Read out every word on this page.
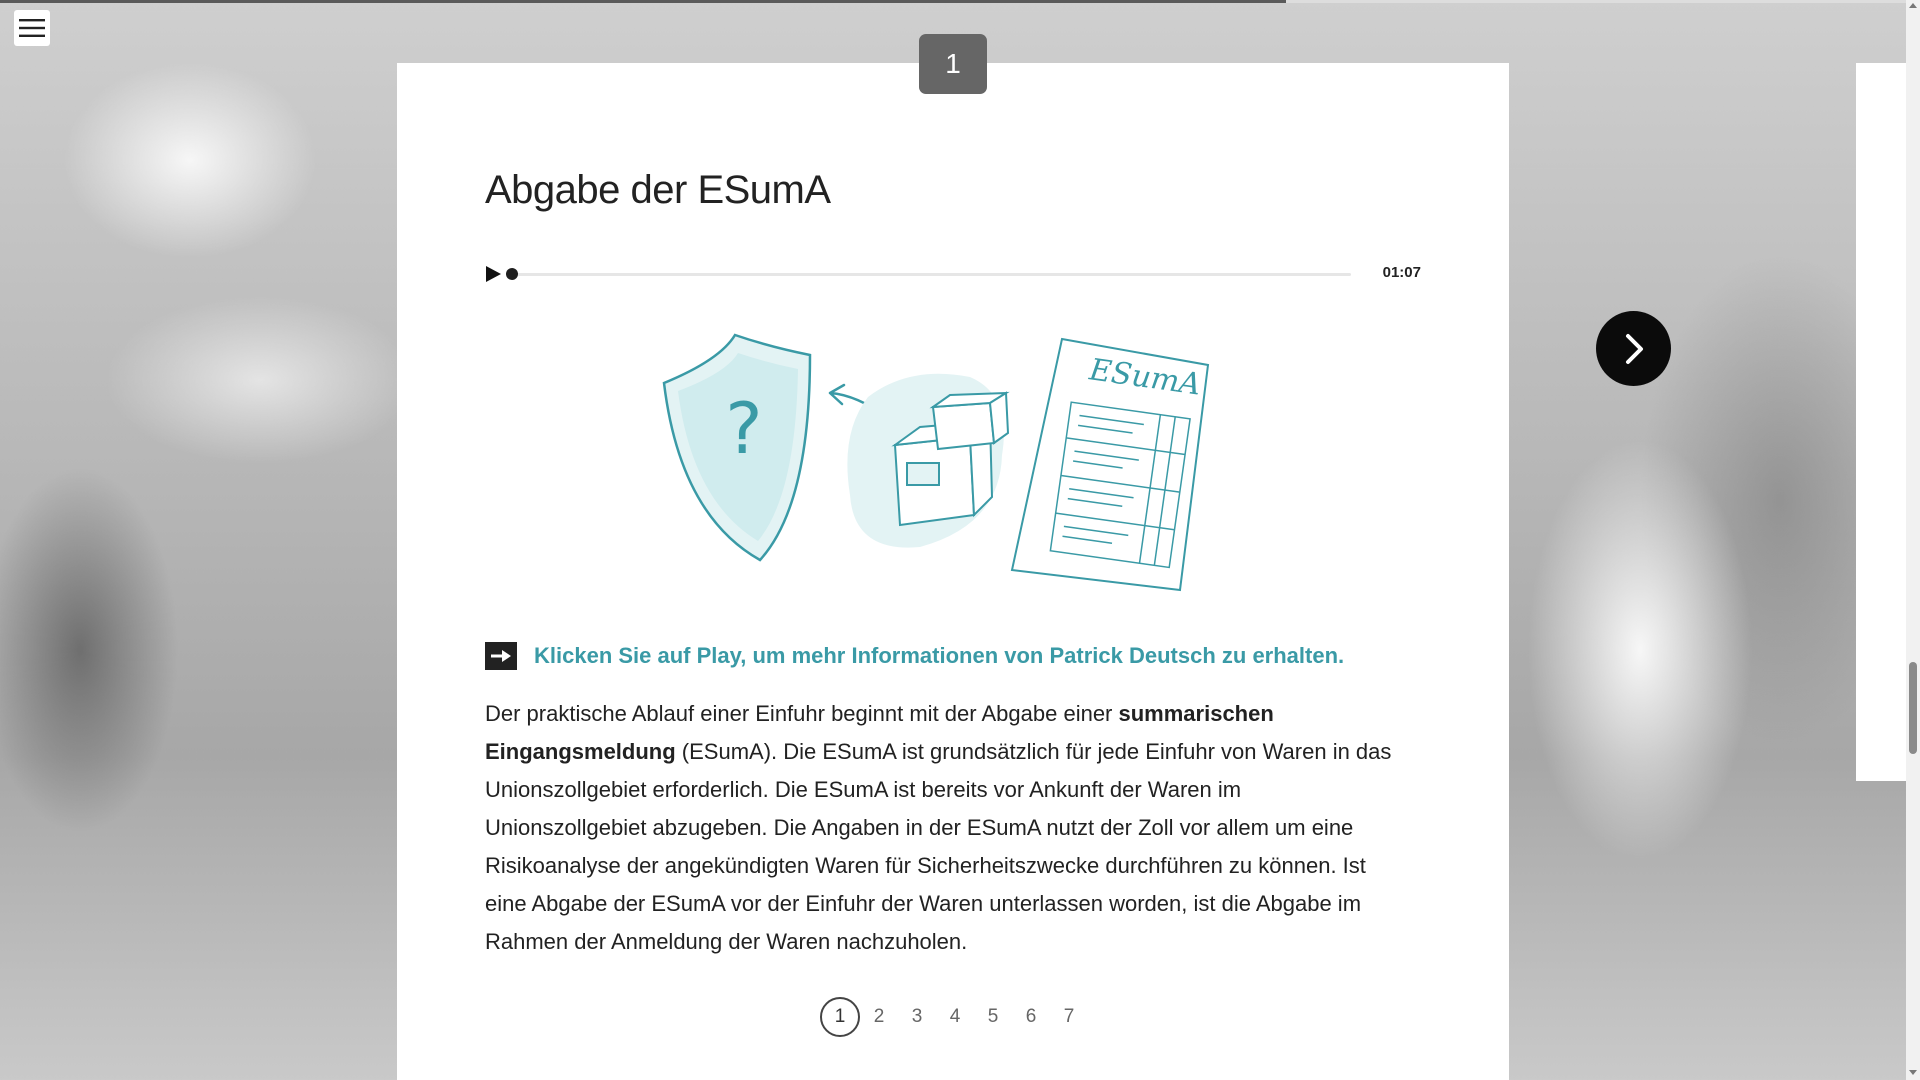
1
Abgabe der ESumA
01:07
?
ESumA
Klicken Sie auf Play, um mehr Informationen von Patrick Deutsch zu erhalten.

Der praktische Ablauf einer Einfuhr beginnt mit der Abgabe einer summarischen Eingangsmeldung (ESumA). Die ESumA ist grundsätzlich für jede Einfuhr von Waren in das Unionszollgebiet erforderlich. Die ESumA ist bereits vor Ankunft der Waren im Unionszollgebiet abzugeben. Die Angaben in der ESumA nutzt der Zoll vor allem um eine Risikoanalyse der angekündigten Waren für Sicherheitszwecke durchführen zu können. Ist eine Abgabe der ESumA vor der Einfuhr der Waren unterlassen worden, ist die Abgabe im Rahmen der Anmeldung der Waren nachzuholen.

1	2	3	4	5	6	7
